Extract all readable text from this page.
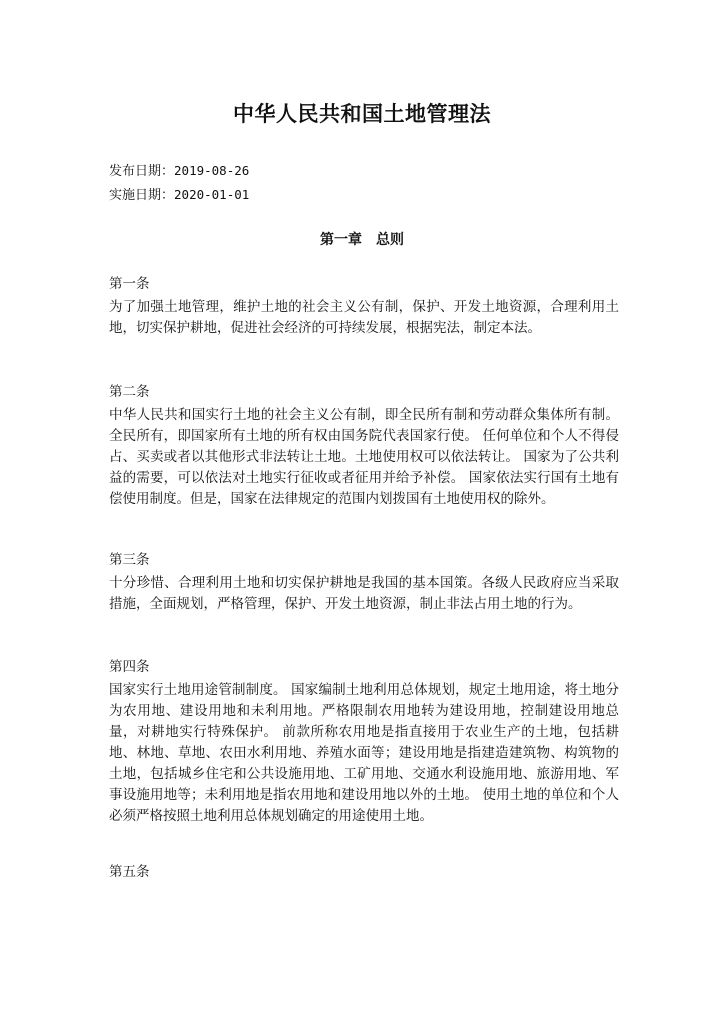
中华人民共和国土地管理法

发布日期：2019-08-26

实施日期：2020-01-01

第一章　总则

第一条

为了加强土地管理，维护土地的社会主义公有制，保护、开发土地资源，合理利用土地，切实保护耕地，促进社会经济的可持续发展，根据宪法，制定本法。

第二条

中华人民共和国实行土地的社会主义公有制，即全民所有制和劳动群众集体所有制。 全民所有，即国家所有土地的所有权由国务院代表国家行使。 任何单位和个人不得侵占、买卖或者以其他形式非法转让土地。土地使用权可以依法转让。 国家为了公共利益的需要，可以依法对土地实行征收或者征用并给予补偿。 国家依法实行国有土地有偿使用制度。但是，国家在法律规定的范围内划拨国有土地使用权的除外。

第三条

十分珍惜、合理利用土地和切实保护耕地是我国的基本国策。各级人民政府应当采取措施，全面规划，严格管理，保护、开发土地资源，制止非法占用土地的行为。

第四条

国家实行土地用途管制制度。 国家编制土地利用总体规划，规定土地用途，将土地分为农用地、建设用地和未利用地。严格限制农用地转为建设用地，控制建设用地总量，对耕地实行特殊保护。 前款所称农用地是指直接用于农业生产的土地，包括耕地、林地、草地、农田水利用地、养殖水面等；建设用地是指建造建筑物、构筑物的土地，包括城乡住宅和公共设施用地、工矿用地、交通水利设施用地、旅游用地、军事设施用地等；未利用地是指农用地和建设用地以外的土地。 使用土地的单位和个人必须严格按照土地利用总体规划确定的用途使用土地。

第五条
